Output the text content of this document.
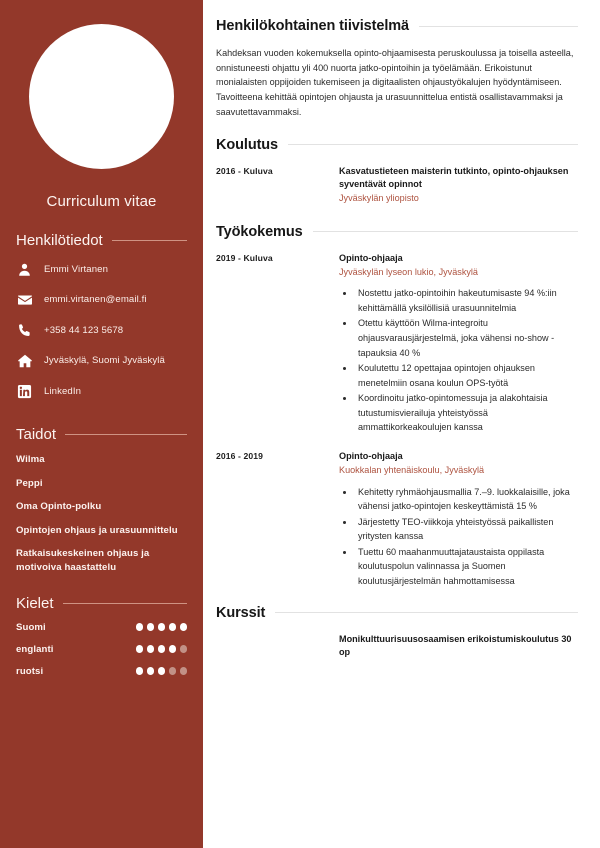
Curriculum vitae
Henkilötiedot
Emmi Virtanen
emmi.virtanen@email.fi
+358 44 123 5678
Jyväskylä, Suomi Jyväskylä
LinkedIn
Taidot
Wilma
Peppi
Oma Opinto-polku
Opintojen ohjaus ja urasuunnittelu
Ratkaisukeskeinen ohjaus ja motivoiva haastattelu
Kielet
Suomi
englanti
ruotsi
Henkilökohtainen tiivistelmä

Kahdeksan vuoden kokemuksella opinto-ohjaamisesta peruskoulussa ja toisella asteella, onnistuneesti ohjattu yli 400 nuorta jatko-opintoihin ja työelämään. Erikoistunut monialaisten oppijoiden tukemiseen ja digitaalisten ohjaustyökalujen hyödyntämiseen. Tavoitteena kehittää opintojen ohjausta ja urasuunnittelua entistä osallistavammaksi ja saavutettavammaksi.

Koulutus
2016 - Kuluva	Kasvatustieteen maisterin tutkinto, opinto-ohjauksen syventävät opinnot
Jyväskylän yliopisto
Työkokemus
2019 - Kuluva	Opinto-ohjaaja
Jyväskylän lyseon lukio, Jyväskylä
• Nostettu jatko-opintoihin hakeutumisaste 94 %:iin kehittämällä yksilöllisiä urasuunnitelmia
• Otettu käyttöön Wilma-integroitu ohjausvarausjärjestelmä, joka vähensi no-show -tapauksia 40 %
• Koulutettu 12 opettajaa opintojen ohjauksen menetelmiin osana koulun OPS-työtä
• Koordinoitu jatko-opintomessuja ja alakohtaisia tutustumisvierailuja yhteistyössä ammattikorkeakoulujen kanssa
2016 - 2019	Opinto-ohjaaja
Kuokkalan yhtenäiskoulu, Jyväskylä
• Kehitetty ryhmäohjausmallia 7.–9. luokkalaisille, joka vähensi jatko-opintojen keskeyttämistä 15 %
• Järjestetty TEO-viikkoja yhteistyössä paikallisten yritysten kanssa
• Tuettu 60 maahanmuuttajataustaista oppilasta koulutuspolun valinnassa ja Suomen koulutusjärjestelmän hahmottamisessa
Kurssit
Monikulttuurisuusosaamisen erikoistumiskoulutus 30 op
